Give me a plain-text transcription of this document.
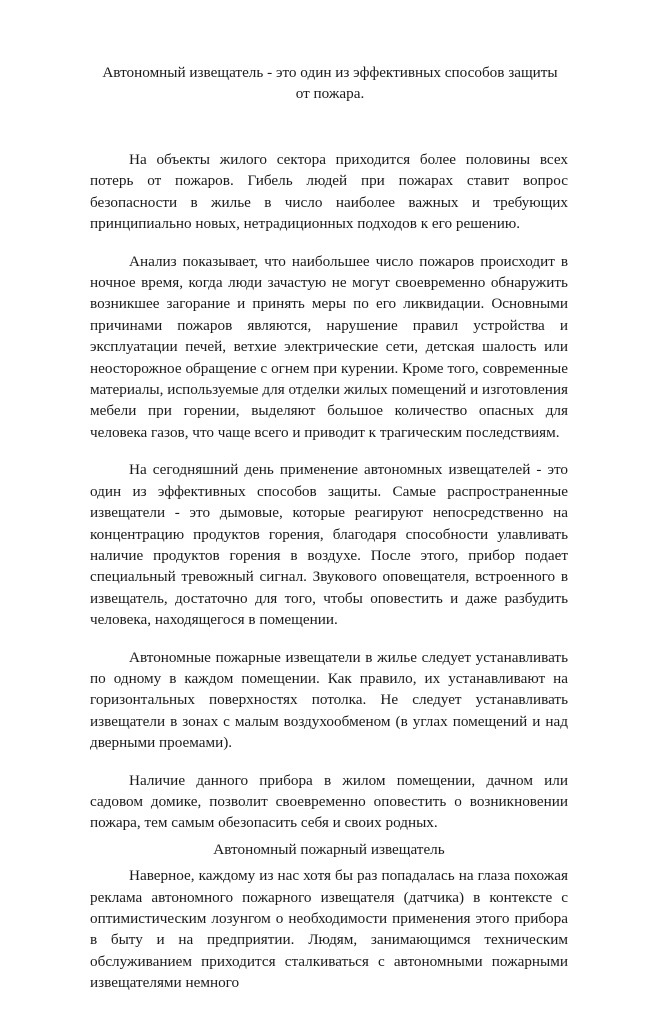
Автономный извещатель - это один из эффективных способов защиты от пожара.

На объекты жилого сектора приходится более половины всех потерь от пожаров. Гибель людей при пожарах ставит вопрос безопасности в жилье в число наиболее важных и требующих принципиально новых, нетрадиционных подходов к его решению.

Анализ показывает, что наибольшее число пожаров происходит в ночное время, когда люди зачастую не могут своевременно обнаружить возникшее загорание и принять меры по его ликвидации. Основными причинами пожаров являются, нарушение правил устройства и эксплуатации печей, ветхие электрические сети, детская шалость или неосторожное обращение с огнем при курении. Кроме того, современные материалы, используемые для отделки жилых помещений и изготовления мебели при горении, выделяют большое количество опасных для человека газов, что чаще всего и приводит к трагическим последствиям.

На сегодняшний день применение автономных извещателей - это один из эффективных способов защиты. Самые распространенные извещатели - это дымовые, которые реагируют непосредственно на концентрацию продуктов горения, благодаря способности улавливать наличие продуктов горения в воздухе. После этого, прибор подает специальный тревожный сигнал. Звукового оповещателя, встроенного в извещатель, достаточно для того, чтобы оповестить и даже разбудить человека, находящегося в помещении.

Автономные пожарные извещатели в жилье следует устанавливать по одному в каждом помещении. Как правило, их устанавливают на горизонтальных поверхностях потолка. Не следует устанавливать извещатели в зонах с малым воздухообменом (в углах помещений и над дверными проемами).

Наличие данного прибора в жилом помещении, дачном или садовом домике, позволит своевременно оповестить о возникновении пожара, тем самым обезопасить себя и своих родных.

Автономный пожарный извещатель

Наверное, каждому из нас хотя бы раз попадалась на глаза похожая реклама автономного пожарного извещателя (датчика) в контексте с оптимистическим лозунгом о необходимости применения этого прибора в быту и на предприятии. Людям, занимающимся техническим обслуживанием приходится сталкиваться с автономными пожарными извещателями немного
